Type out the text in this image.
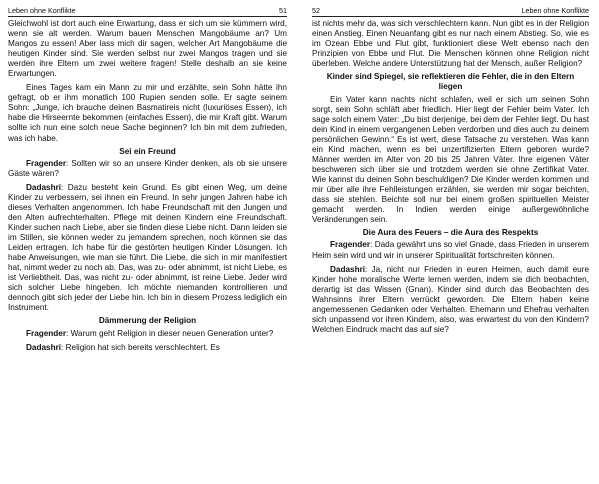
Leben ohne Konflikte	51

Gleichwohl ist dort auch eine Erwartung, dass er sich um sie kümmern wird, wenn sie alt werden. Warum bauen Menschen Mangobäume an? Um Mangos zu essen! Aber lass mich dir sagen, welcher Art Mangobäume die heutigen Kinder sind. Sie werden selbst nur zwei Mangos tragen und sie werden ihre Eltern um zwei weitere fragen! Stelle deshalb an sie keine Erwartungen.

Eines Tages kam ein Mann zu mir und erzählte, sein Sohn hätte ihn gefragt, ob er ihm monatlich 100 Rupien senden solle. Er sagte seinem Sohn: „Junge, ich brauche deinen Basmatireis nicht (luxuriöses Essen), ich habe die Hirseernte bekommen (einfaches Essen), die mir Kraft gibt. Warum sollte ich nun eine solch neue Sache beginnen? Ich bin mit dem zufrieden, was ich habe.

Sei ein Freund

Fragender: Sollten wir so an unsere Kinder denken, als ob sie unsere Gäste wären?

Dadashri: Dazu besteht kein Grund. Es gibt einen Weg, um deine Kinder zu verbessern, sei ihnen ein Freund. In sehr jungen Jahren habe ich dieses Verhalten angenommen. Ich habe Freundschaft mit den Jungen und den Alten aufrechterhalten. Pflege mit deinen Kindern eine Freundschaft. Kinder suchen nach Liebe, aber sie finden diese Liebe nicht. Dann leiden sie im Stillen, sie können weder zu jemandem sprechen, noch können sie das Leiden ertragen. Ich habe für die gestörten heutigen Kinder Lösungen. Ich habe Anweisungen, wie man sie führt. Die Liebe, die sich in mir manifestiert hat, nimmt weder zu noch ab. Das, was zu- oder abnimmt, ist nicht Liebe, es ist Verliebtheit. Das, was nicht zu- oder abnimmt, ist reine Liebe. Jeder wird sich solcher Liebe hingeben. Ich möchte niemanden kontrollieren und dennoch gibt sich jeder der Liebe hin. Ich bin in diesem Prozess lediglich ein Instrument.

Dämmerung der Religion

Fragender: Warum geht Religion in dieser neuen Generation unter?

Dadashri: Religion hat sich bereits verschlechtert. Es

52	Leben ohne Konflikte

ist nichts mehr da, was sich verschlechtern kann. Nun gibt es in der Religion einen Anstieg. Einen Neuanfang gibt es nur nach einem Abstieg. So, wie es im Ozean Ebbe und Flut gibt, funktioniert diese Welt ebenso nach den Prinzipien von Ebbe und Flut. Die Menschen können ohne Religion nicht überleben. Welche andere Unterstützung hat der Mensch, außer Religion?

Kinder sind Spiegel, sie reflektieren die Fehler, die in den Eltern liegen

Ein Vater kann nachts nicht schlafen, weil er sich um seinen Sohn sorgt, sein Sohn schläft aber friedlich. Hier liegt der Fehler beim Vater. Ich sage solch einem Vater: „Du bist derjenige, bei dem der Fehler liegt. Du hast dein Kind in einem vergangenen Leben verdorben und dies auch zu deinem persönlichen Gewinn.“ Es ist wert, diese Tatsache zu verstehen. Was kann ein Kind machen, wenn es bei unzertifizierten Eltern geboren wurde? Männer werden im Alter von 20 bis 25 Jahren Väter. Ihre eigenen Väter beschweren sich über sie und trotzdem werden sie ohne Zertifikat Vater. Wie kannst du deinen Sohn beschuldigen? Die Kinder werden kommen und mir über alle ihre Fehlleistungen erzählen, sie werden mir sogar beichten, dass sie stehlen. Beichte soll nur bei einem großen spirituellen Meister gemacht werden. In Indien werden einige außergewöhnliche Veränderungen sein.

Die Aura des Feuers – die Aura des Respekts

Fragender: Dada gewährt uns so viel Gnade, dass Frieden in unserem Heim sein wird und wir in unserer Spiritualität fortschreiten können.

Dadashri: Ja, nicht nur Frieden in euren Heimen, auch damit eure Kinder hohe moralische Werte lernen werden, indem sie dich beobachten, derartig ist das Wissen (Gnan). Kinder sind durch das Beobachten des Wahnsinns ihrer Eltern verrückt geworden. Die Eltern haben keine angemessenen Gedanken oder Verhalten. Ehemann und Ehefrau verhalten sich unpassend vor ihren Kindern, also, was erwartest du von den Kindern? Welchen Eindruck macht das auf sie?
